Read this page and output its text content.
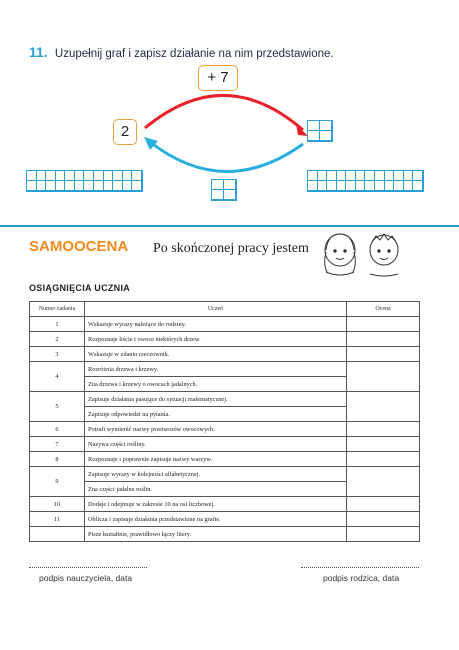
11. Uzupełnij graf i zapisz działanie na nim przedstawione.
+ 7
2
SAMOOCENA Po skończonej pracy jestem
OSIĄGNIĘCIA UCZNIA
Numer zadania	Uczeń	Ocena
1	Wskazuje wyrazy należące do rodziny.	
2	Rozpoznaje liście i owoce niektórych drzew.	
3	Wskazuje w zdaniu rzeczownik.	
4	Rozróżnia drzewa i krzewy.	
	Zna drzewa i krzewy o owocach jadalnych.	
5	Zapisuje działania pasujące do sytuacji matematycznej.	
	Zapisuje odpowiedzi na pytania.	
6	Potrafi wymienić nazwy przetworów owocowych.	
7	Nazywa części rośliny.	
8	Rozpoznaje i poprawnie zapisuje nazwy warzyw.	
9	Zapisuje wyrazy w kolejności alfabetycznej.	
	Zna części jadalne roślin.	
10	Dodaje i odejmuje w zakresie 10 na osi liczbowej.	
11	Oblicza i zapisuje działania przedstawione na grafie.	
	Pisze kształtnie, prawidłowo łączy litery.	
podpis nauczyciela, data	podpis rodzica, data
